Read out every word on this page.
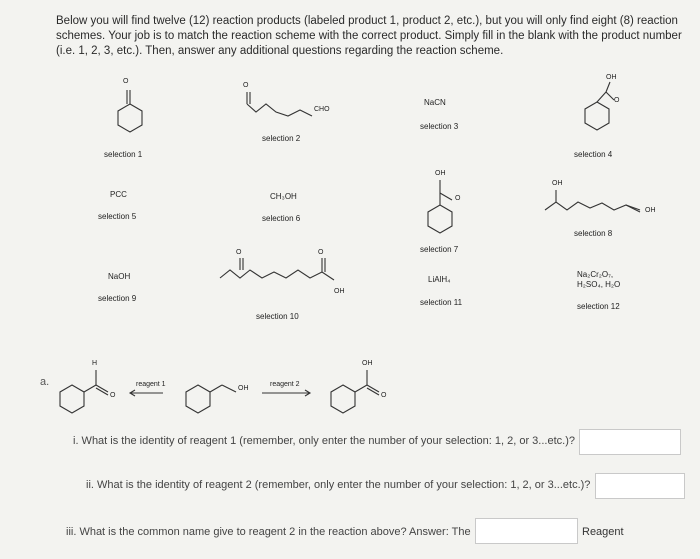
Below you will find twelve (12) reaction products (labeled product 1, product 2, etc.), but you will only find eight (8) reaction schemes. Your job is to match the reaction scheme with the correct product. Simply fill in the blank with the product number (i.e. 1, 2, 3, etc.). Then, answer any additional questions regarding the reaction scheme.
O
O
CHO
OH
O
OH
O
OH
OH
O	O
OH
H
O
OH
OH
O
NaCN
PCC	CH₃OH
NaOH	LiAlH₄
Na₂Cr₂O₇,
H₂SO₄, H₂O
selection 1
selection 2
selection 3
selection 4
selection 5	selection 6
selection 7
selection 8
selection 9
selection 10
selection 11	selection 12
a.	reagent 1	reagent 2
i. What is the identity of reagent 1 (remember, only enter the number of your selection: 1, 2, or 3...etc.)?
ii. What is the identity of reagent 2 (remember, only enter the number of your selection: 1, 2, or 3...etc.)?
iii. What is the common name give to reagent 2 in the reaction above? Answer: The	Reagent
